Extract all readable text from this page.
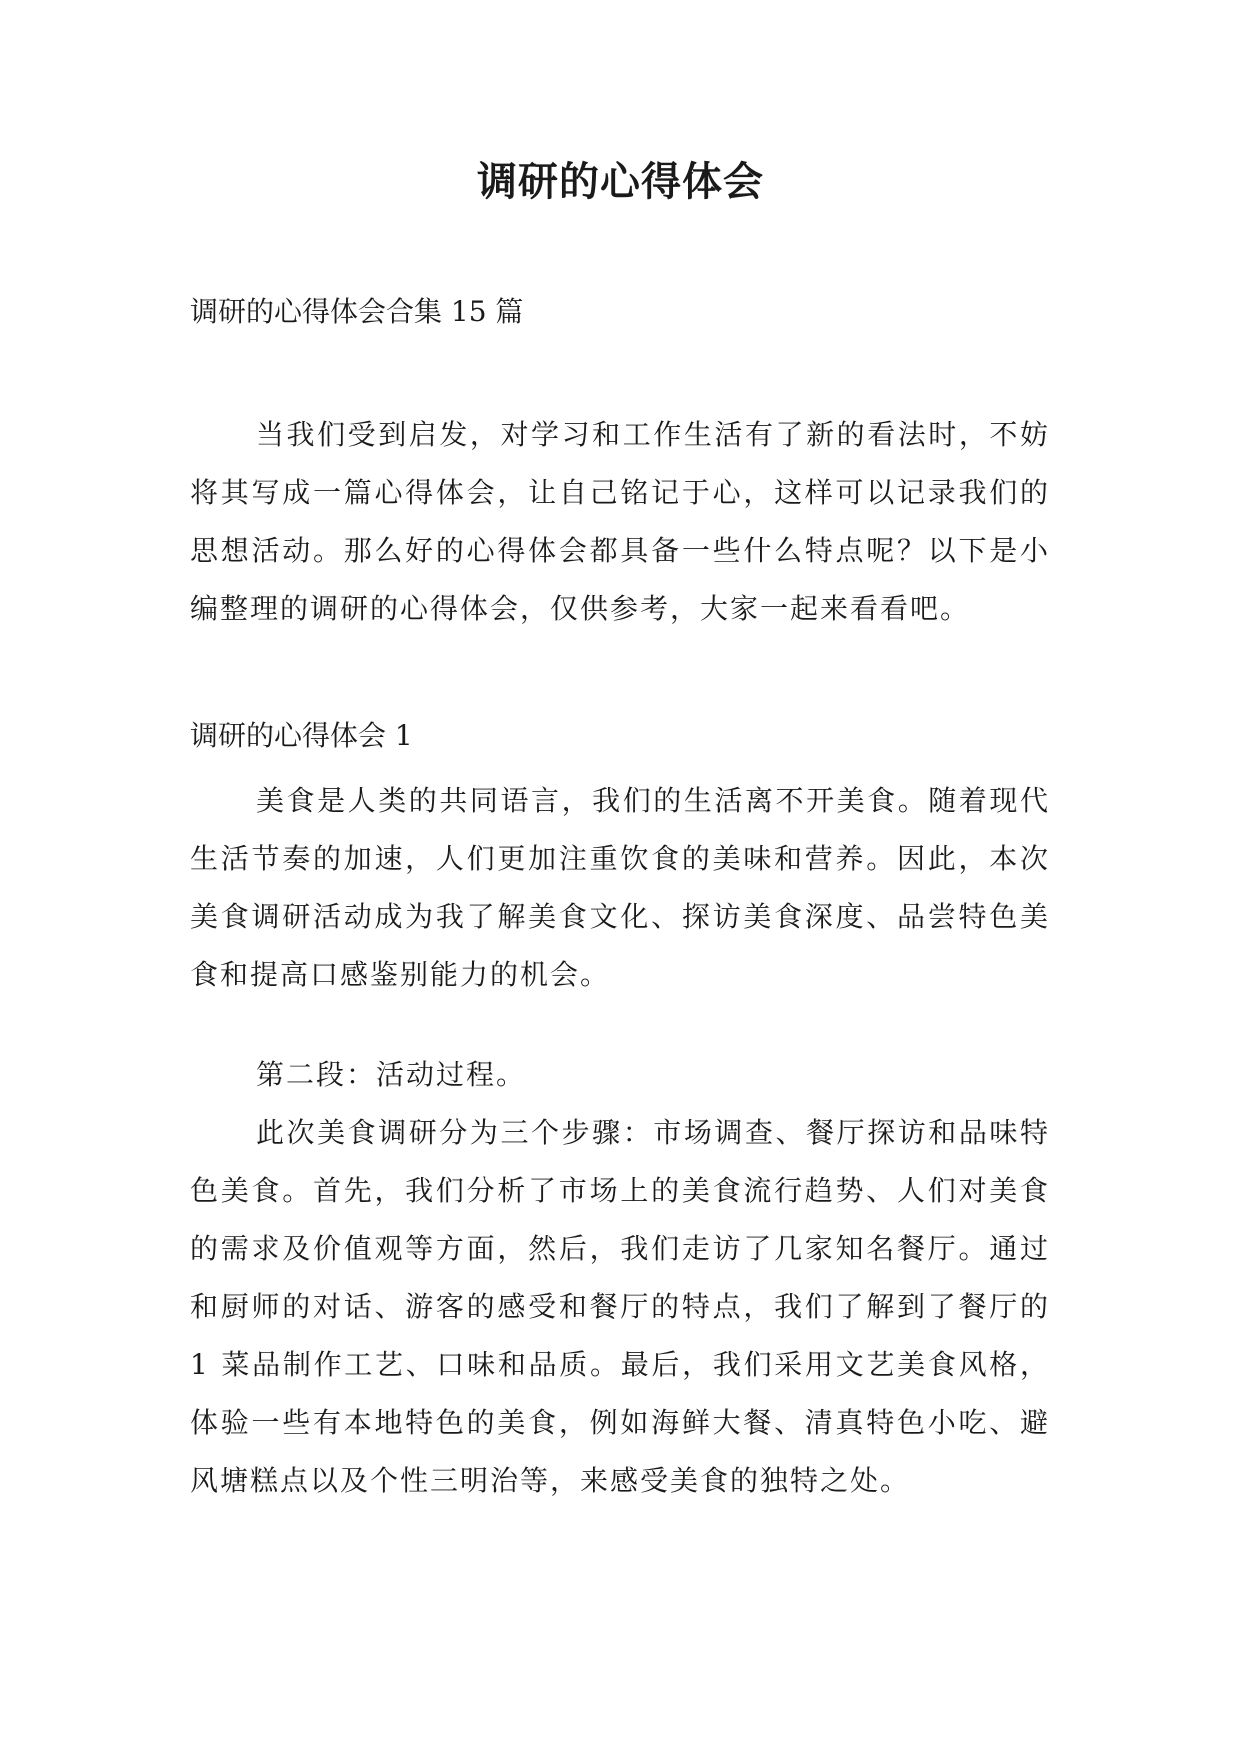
调研的心得体会

调研的心得体会合集 15 篇

当我们受到启发，对学习和工作生活有了新的看法时，不妨将其写成一篇心得体会，让自己铭记于心，这样可以记录我们的思想活动。那么好的心得体会都具备一些什么特点呢？以下是小编整理的调研的心得体会，仅供参考，大家一起来看看吧。

调研的心得体会 1

美食是人类的共同语言，我们的生活离不开美食。随着现代生活节奏的加速，人们更加注重饮食的美味和营养。因此，本次美食调研活动成为我了解美食文化、探访美食深度、品尝特色美食和提高口感鉴别能力的机会。

第二段：活动过程。

此次美食调研分为三个步骤：市场调查、餐厅探访和品味特色美食。首先，我们分析了市场上的美食流行趋势、人们对美食的需求及价值观等方面，然后，我们走访了几家知名餐厅。通过和厨师的对话、游客的感受和餐厅的特点，我们了解到了餐厅的 1 菜品制作工艺、口味和品质。最后，我们采用文艺美食风格，体验一些有本地特色的美食，例如海鲜大餐、清真特色小吃、避风塘糕点以及个性三明治等，来感受美食的独特之处。
